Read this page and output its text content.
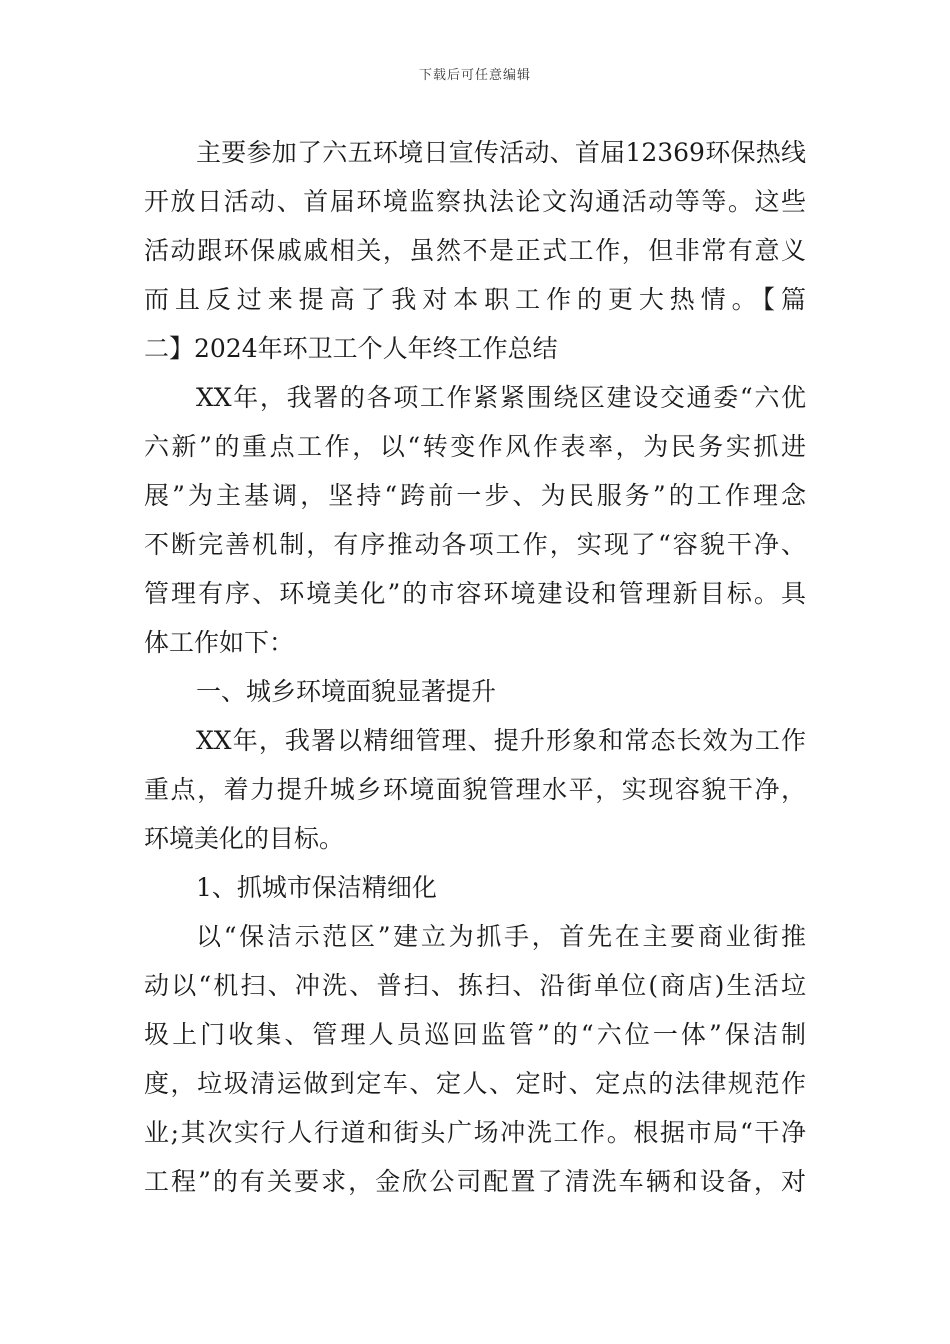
下载后可任意编辑
主要参加了六五环境日宣传活动、首届12369环保热线
开放日活动、首届环境监察执法论文沟通活动等等。这些
活动跟环保戚戚相关，虽然不是正式工作，但非常有意义
而且反过来提高了我对本职工作的更大热情。【篇
二】2024年环卫工个人年终工作总结
XX年，我署的各项工作紧紧围绕区建设交通委“六优
六新”的重点工作，以“转变作风作表率，为民务实抓进
展”为主基调，坚持“跨前一步、为民服务”的工作理念
不断完善机制，有序推动各项工作，实现了“容貌干净、
管理有序、环境美化”的市容环境建设和管理新目标。具
体工作如下：
一、城乡环境面貌显著提升
XX年，我署以精细管理、提升形象和常态长效为工作
重点，着力提升城乡环境面貌管理水平，实现容貌干净，
环境美化的目标。
1、抓城市保洁精细化
以“保洁示范区”建立为抓手，首先在主要商业街推
动以“机扫、冲洗、普扫、拣扫、沿街单位(商店)生活垃
圾上门收集、管理人员巡回监管”的“六位一体”保洁制
度，垃圾清运做到定车、定人、定时、定点的法律规范作
业;其次实行人行道和街头广场冲洗工作。根据市局“干净
工程”的有关要求，金欣公司配置了清洗车辆和设备，对
